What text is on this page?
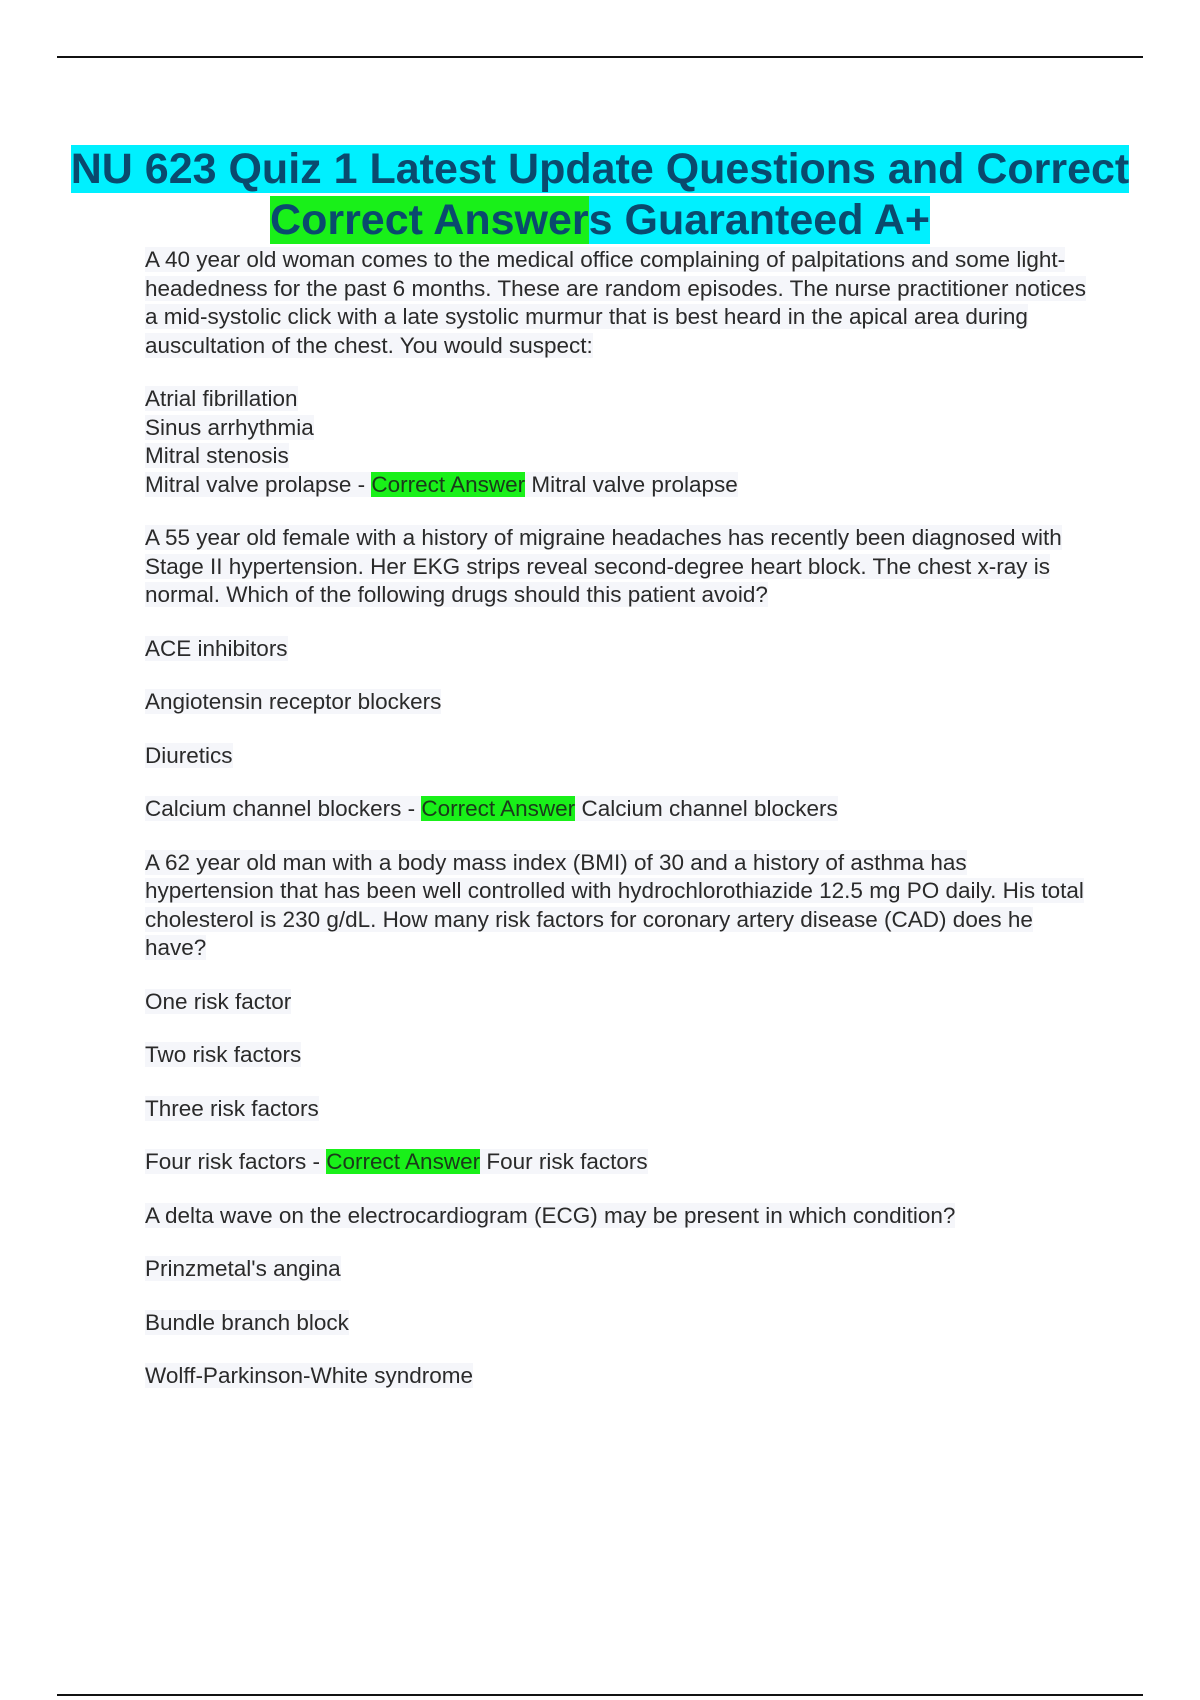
NU 623 Quiz 1 Latest Update Questions and Correct Correct Answers Guaranteed A+

A 40 year old woman comes to the medical office complaining of palpitations and some light-headedness for the past 6 months. These are random episodes. The nurse practitioner notices a mid-systolic click with a late systolic murmur that is best heard in the apical area during auscultation of the chest. You would suspect:

Atrial fibrillation

Sinus arrhythmia

Mitral stenosis

Mitral valve prolapse - Correct Answer Mitral valve prolapse

A 55 year old female with a history of migraine headaches has recently been diagnosed with Stage II hypertension. Her EKG strips reveal second-degree heart block. The chest x-ray is normal. Which of the following drugs should this patient avoid?

ACE inhibitors

Angiotensin receptor blockers

Diuretics

Calcium channel blockers - Correct Answer Calcium channel blockers

A 62 year old man with a body mass index (BMI) of 30 and a history of asthma has hypertension that has been well controlled with hydrochlorothiazide 12.5 mg PO daily. His total cholesterol is 230 g/dL. How many risk factors for coronary artery disease (CAD) does he have?

One risk factor

Two risk factors

Three risk factors

Four risk factors - Correct Answer Four risk factors

A delta wave on the electrocardiogram (ECG) may be present in which condition?

Prinzmetal's angina

Bundle branch block

Wolff-Parkinson-White syndrome
